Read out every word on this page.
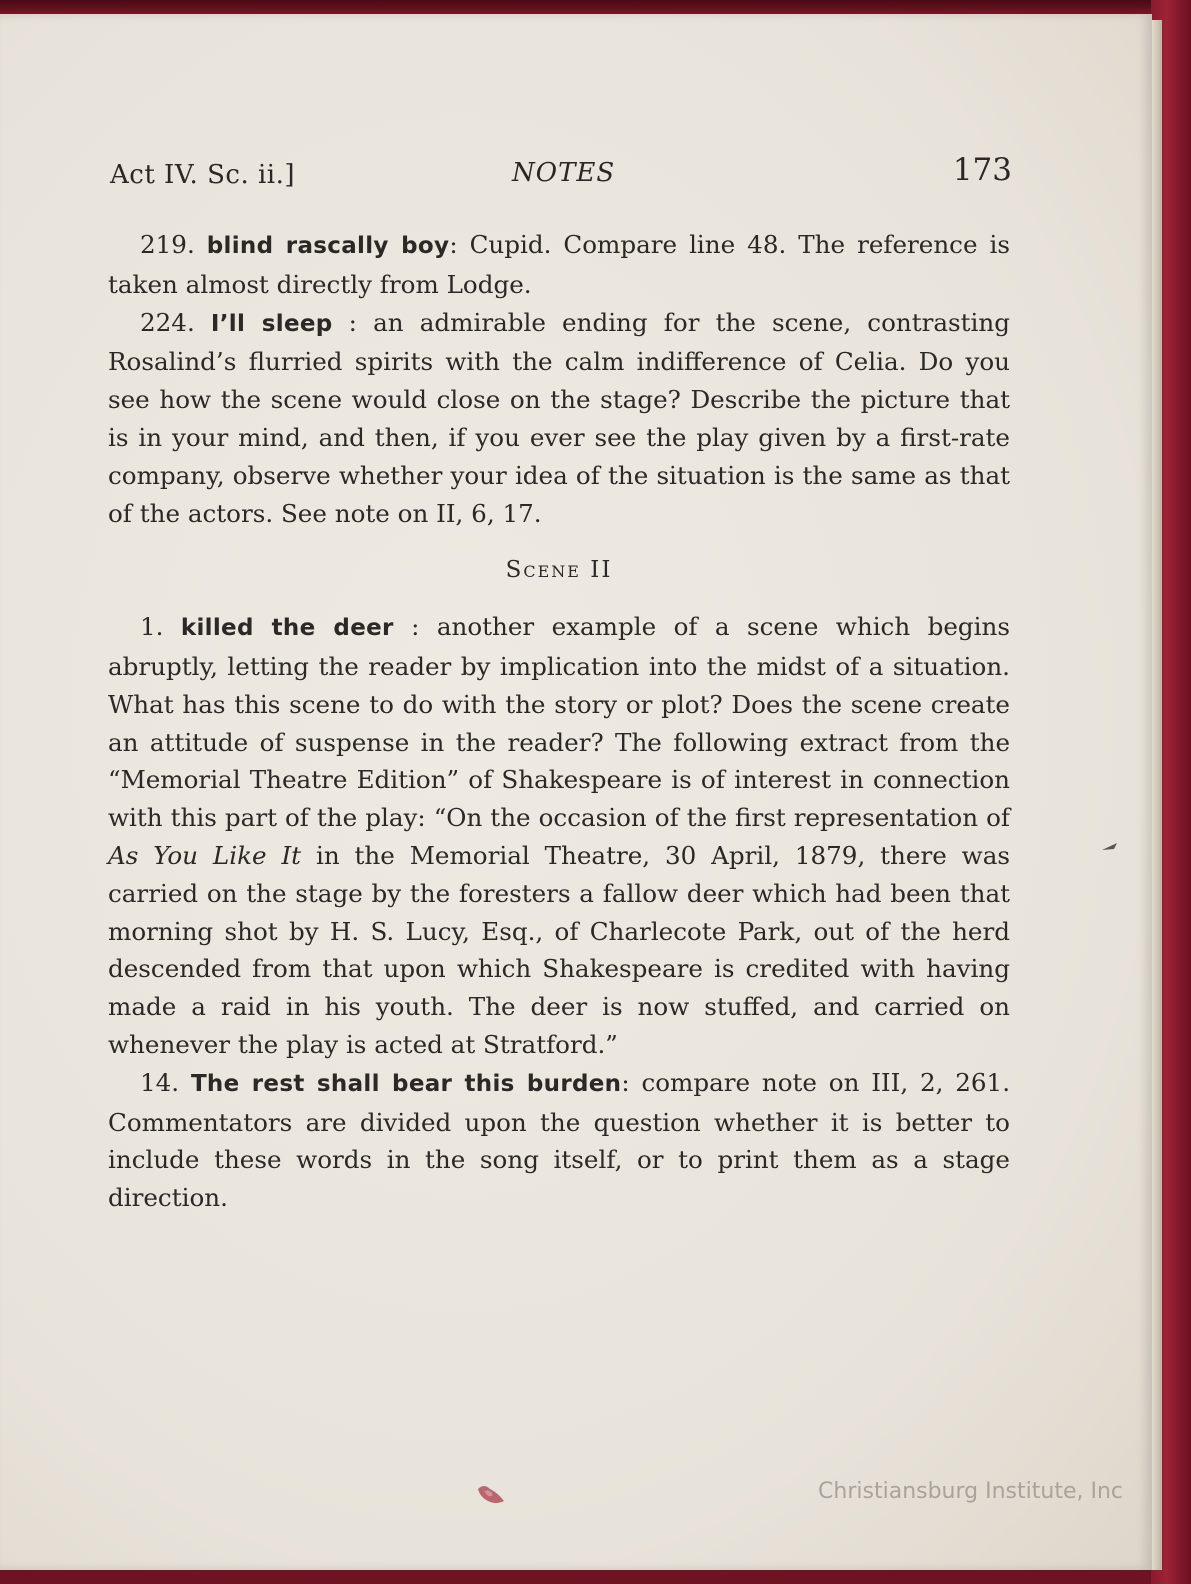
Act IV. Sc. ii.]	NOTES	173

219. blind rascally boy: Cupid. Compare line 48. The reference is taken almost directly from Lodge.

224. I’ll sleep : an admirable ending for the scene, contrasting Rosalind’s flurried spirits with the calm indifference of Celia. Do you see how the scene would close on the stage? Describe the picture that is in your mind, and then, if you ever see the play given by a first-rate company, observe whether your idea of the situation is the same as that of the actors. See note on II, 6, 17.

Scene II

1. killed the deer : another example of a scene which begins abruptly, letting the reader by implication into the midst of a situation. What has this scene to do with the story or plot? Does the scene create an attitude of suspense in the reader? The following extract from the “Memorial Theatre Edition” of Shakespeare is of interest in connection with this part of the play: “On the occasion of the first representation of As You Like It in the Memorial Theatre, 30 April, 1879, there was carried on the stage by the foresters a fallow deer which had been that morning shot by H. S. Lucy, Esq., of Charlecote Park, out of the herd descended from that upon which Shakespeare is credited with having made a raid in his youth. The deer is now stuffed, and carried on whenever the play is acted at Stratford.”

14. The rest shall bear this burden: compare note on III, 2, 261. Commentators are divided upon the question whether it is better to include these words in the song itself, or to print them as a stage direction.

Christiansburg Institute, Inc
